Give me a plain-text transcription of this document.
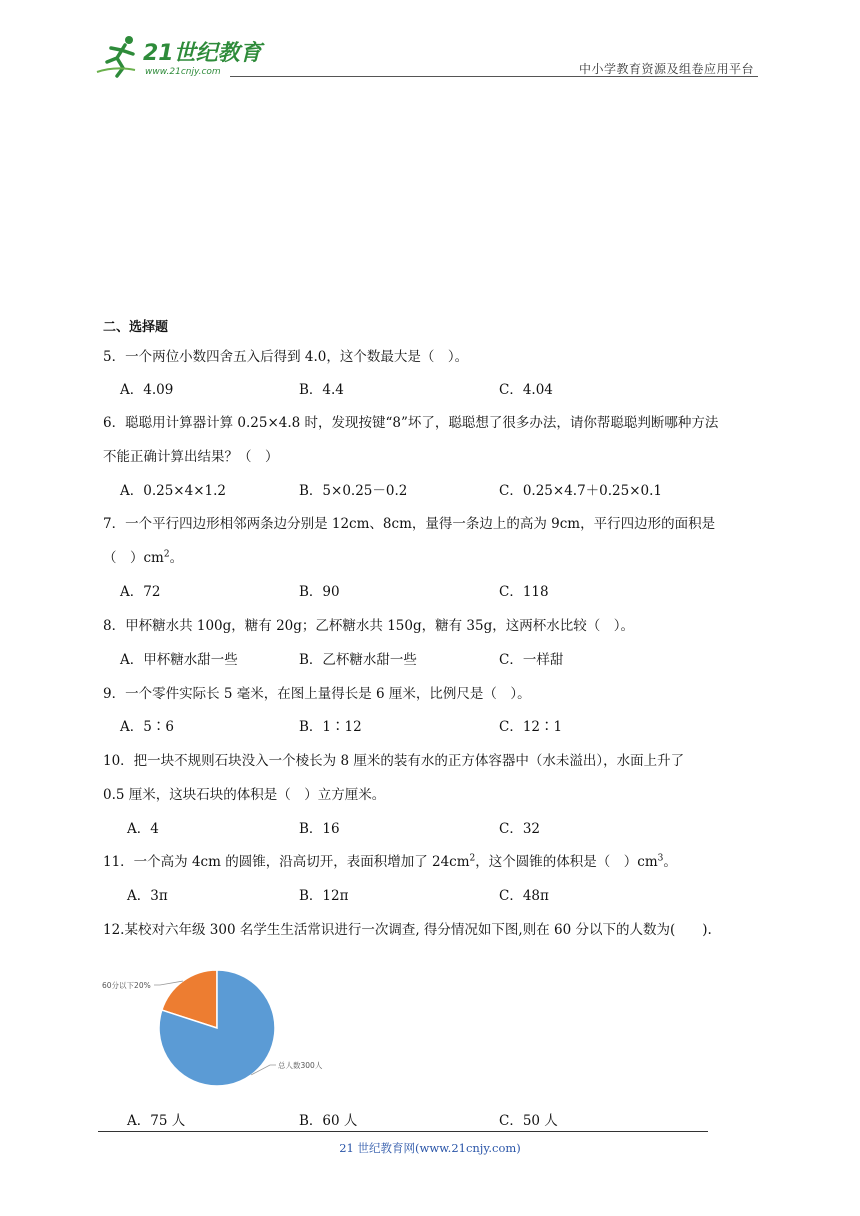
21世纪教育
www.21cnjy.com	中小学教育资源及组卷应用平台
二、选择题
5．一个两位小数四舍五入后得到 4.0，这个数最大是（　）。
A．4.09	B．4.4	C．4.04
6．聪聪用计算器计算 0.25×4.8 时，发现按键“8”坏了，聪聪想了很多办法，请你帮聪聪判断哪种方法
不能正确计算出结果？（　）
A．0.25×4×1.2	B．5×0.25－0.2	C．0.25×4.7＋0.25×0.1
7．一个平行四边形相邻两条边分别是 12cm、8cm，量得一条边上的高为 9cm，平行四边形的面积是
（　）$cm^2$。
A．72	B．90	C．118
8．甲杯糖水共 100g，糖有 20g；乙杯糖水共 150g，糖有 35g，这两杯水比较（　）。
A．甲杯糖水甜一些	B．乙杯糖水甜一些	C．一样甜
9．一个零件实际长 5 毫米，在图上量得长是 6 厘米，比例尺是（　）。
A．5∶6	B．1∶12	C．12∶1
10．把一块不规则石块没入一个棱长为 8 厘米的装有水的正方体容器中（水未溢出），水面上升了
0.5 厘米，这块石块的体积是（　）立方厘米。
A．4	B．16	C．32
11．一个高为 4cm 的圆锥，沿高切开，表面积增加了 $24cm^2$，这个圆锥的体积是（　）$cm^3$。
A．3π	B．12π	C．48π
12.某校对六年级 300 名学生生活常识进行一次调查, 得分情况如下图,则在 60 分以下的人数为(　　).
60分以下20%
总人数300人
A．75 人	B．60 人	C．50 人
21 世纪教育网(www.21cnjy.com)
